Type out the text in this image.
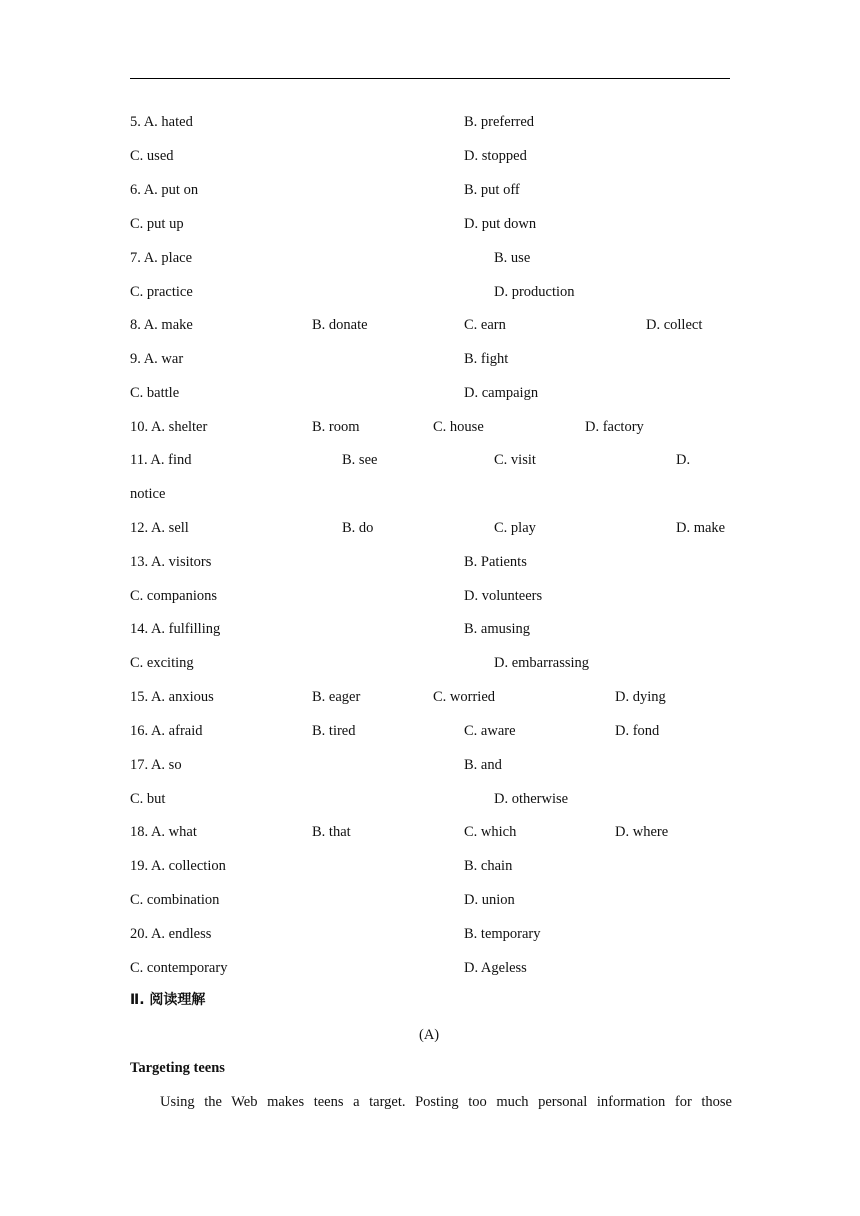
5. A. hated	B. preferred
C. used	D. stopped
6. A. put on	B. put off
C. put up	D. put down
7. A. place	B. use
C. practice	D. production
8. A. make	B. donate	C. earn	D. collect
9. A. war	B. fight
C. battle	D. campaign
10. A. shelter	B. room	C. house	D. factory
11. A. find	B. see	C. visit	D.
notice
12. A. sell	B. do	C. play	D. make
13. A. visitors	B. Patients
C. companions	D. volunteers
14. A. fulfilling	B. amusing
C. exciting	D. embarrassing
15. A. anxious	B. eager	C. worried	D. dying
16. A. afraid	B. tired	C. aware	D. fond
17. A. so	B. and
C. but	D. otherwise
18. A. what	B. that	C. which	D. where
19. A. collection	B. chain
C. combination	D. union
20. A. endless	B. temporary
C. contemporary	D. Ageless
Ⅱ. 阅读理解
(A)
Targeting teens
Using the Web makes teens a target. Posting too much personal information for those
